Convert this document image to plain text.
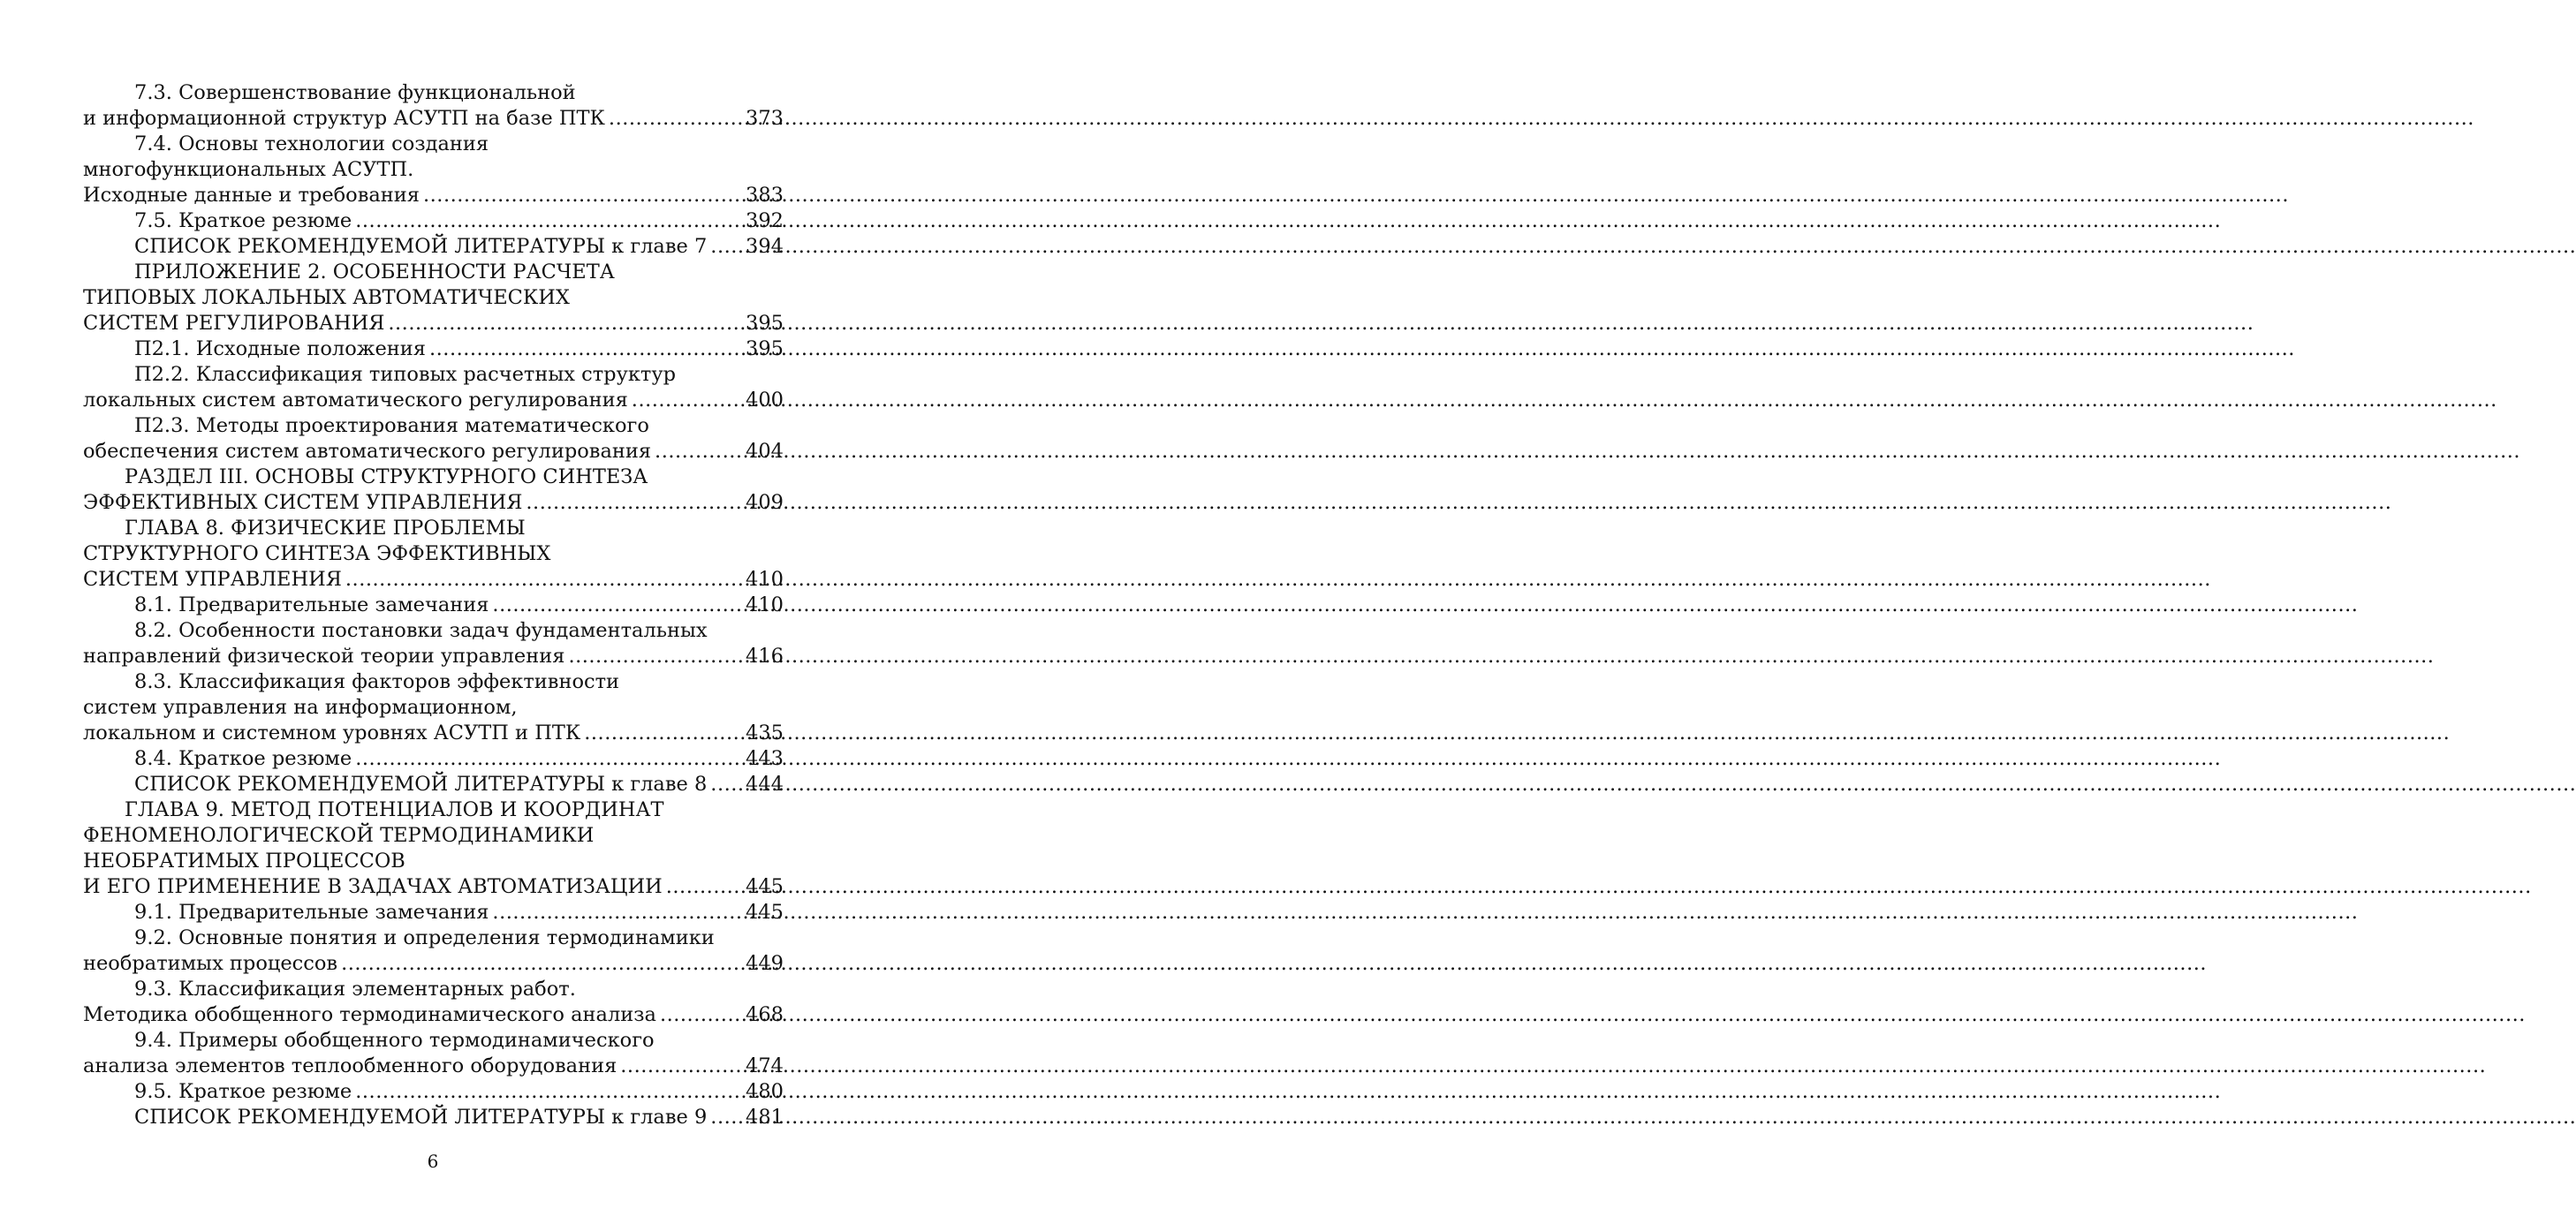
7.3. Совершенствование функциональной
и информационной структур АСУТП на базе ПТК .....	373
7.4. Основы технологии создания
многофункциональных АСУТП.
Исходные данные и требования .....	383
7.5. Краткое резюме .....	392
СПИСОК РЕКОМЕНДУЕМОЙ ЛИТЕРАТУРЫ к главе 7 ..... 394
ПРИЛОЖЕНИЕ 2. ОСОБЕННОСТИ РАСЧЕТА
ТИПОВЫХ ЛОКАЛЬНЫХ АВТОМАТИЧЕСКИХ
СИСТЕМ РЕГУЛИРОВАНИЯ .....	395
П2.1. Исходные положения .....	395
П2.2. Классификация типовых расчетных структур
локальных систем автоматического регулирования .....	400
П2.3. Методы проектирования математического
обеспечения систем автоматического регулирования .....	404
РАЗДЕЛ III. ОСНОВЫ СТРУКТУРНОГО СИНТЕЗА
ЭФФЕКТИВНЫХ СИСТЕМ УПРАВЛЕНИЯ .....	409
ГЛАВА 8. ФИЗИЧЕСКИЕ ПРОБЛЕМЫ
СТРУКТУРНОГО СИНТЕЗА ЭФФЕКТИВНЫХ
СИСТЕМ УПРАВЛЕНИЯ .....	410
8.1. Предварительные замечания .....	410
8.2. Особенности постановки задач фундаментальных
направлений физической теории управления .....	416
8.3. Классификация факторов эффективности
систем управления на информационном,
локальном и системном уровнях АСУТП и ПТК .....	435
8.4. Краткое резюме .....	443
СПИСОК РЕКОМЕНДУЕМОЙ ЛИТЕРАТУРЫ к главе 8 ..... 444
ГЛАВА 9. МЕТОД ПОТЕНЦИАЛОВ И КООРДИНАТ
ФЕНОМЕНОЛОГИЧЕСКОЙ ТЕРМОДИНАМИКИ
НЕОБРАТИМЫХ ПРОЦЕССОВ
И ЕГО ПРИМЕНЕНИЕ В ЗАДАЧАХ АВТОМАТИЗАЦИИ .....	445
9.1. Предварительные замечания .....	445
9.2. Основные понятия и определения термодинамики
необратимых процессов .....	449
9.3. Классификация элементарных работ.
Методика обобщенного термодинамического анализа .....	468
9.4. Примеры обобщенного термодинамического
анализа элементов теплообменного оборудования .....	474
9.5. Краткое резюме .....	480
СПИСОК РЕКОМЕНДУЕМОЙ ЛИТЕРАТУРЫ к главе 9 ..... 481
6
